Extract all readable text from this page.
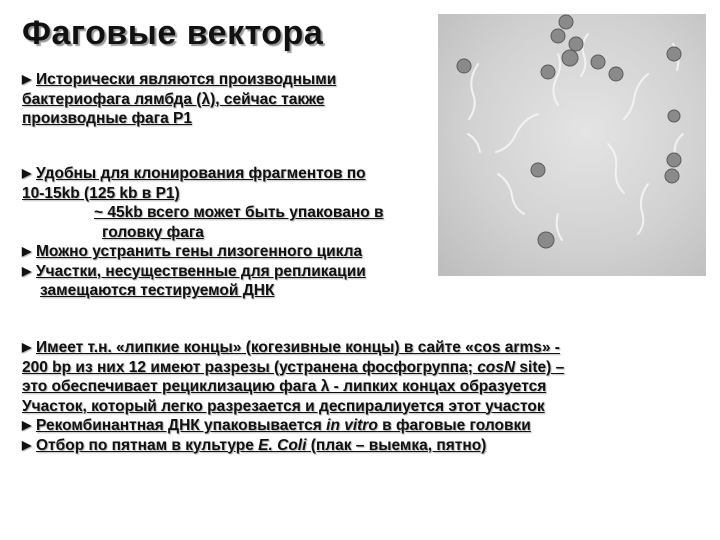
Фаговые вектора
▶ Исторически являются производными
бактериофага лямбда (λ), сейчас также
производные фага Р1
▶ Удобны для клонирования фрагментов по
10-15kb (125 kb в Р1)
~ 45kb всего может быть упаковано в
головку фага
▶ Можно устранить гены лизогенного цикла
▶ Участки, несущественные для репликации
замещаются тестируемой ДНК
▶ Имеет т.н. «липкие концы» (когезивные концы) в сайте «cos arms» -
200 bp из них 12 имеют разрезы (устранена фосфогруппа; cosN site) –
это обеспечивает рециклизацию фага λ - липких концах образуется
Участок, который легко разрезается и деспиралиуется этот участок
▶ Рекомбинантная ДНК упаковывается in vitro в фаговые головки
▶ Отбор по пятнам в культуре E. Coli (плак – выемка, пятно)
